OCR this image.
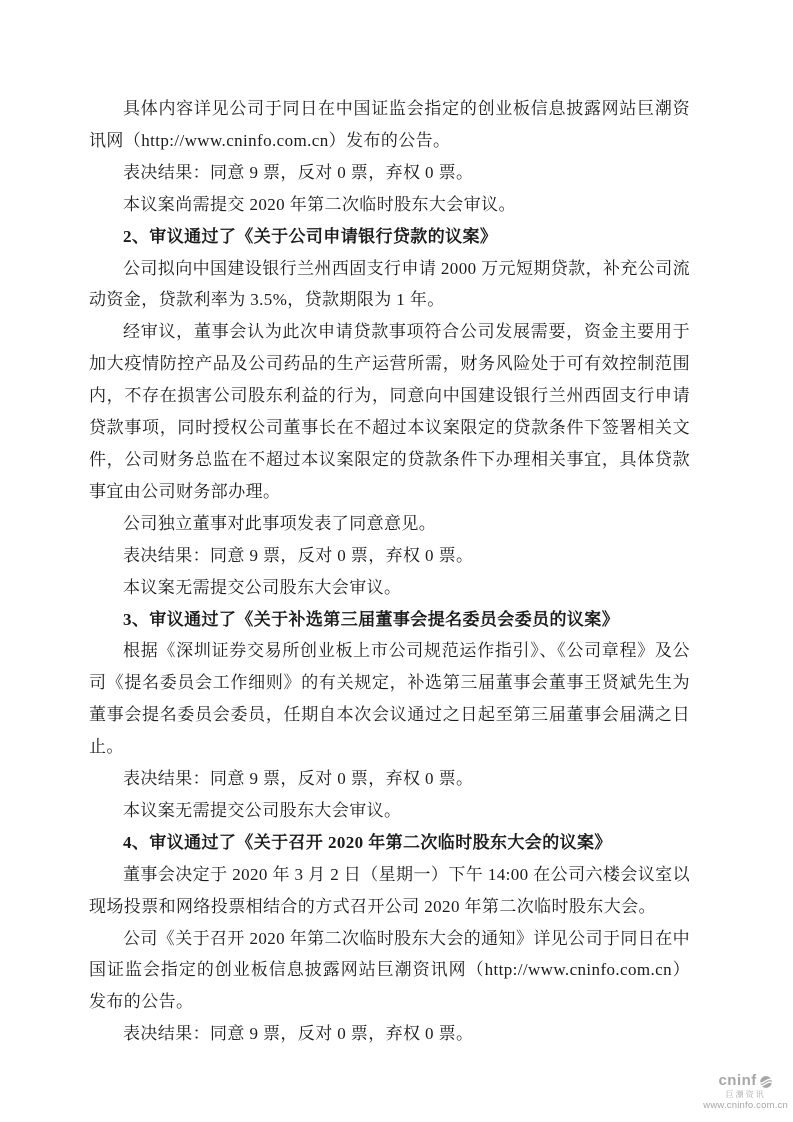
具体内容详见公司于同日在中国证监会指定的创业板信息披露网站巨潮资讯网（http://www.cninfo.com.cn）发布的公告。

表决结果：同意 9 票，反对 0 票，弃权 0 票。

本议案尚需提交 2020 年第二次临时股东大会审议。

2、审议通过了《关于公司申请银行贷款的议案》

公司拟向中国建设银行兰州西固支行申请 2000 万元短期贷款，补充公司流动资金，贷款利率为 3.5%，贷款期限为 1 年。

经审议，董事会认为此次申请贷款事项符合公司发展需要，资金主要用于加大疫情防控产品及公司药品的生产运营所需，财务风险处于可有效控制范围内，不存在损害公司股东利益的行为，同意向中国建设银行兰州西固支行申请贷款事项，同时授权公司董事长在不超过本议案限定的贷款条件下签署相关文件，公司财务总监在不超过本议案限定的贷款条件下办理相关事宜，具体贷款事宜由公司财务部办理。

公司独立董事对此事项发表了同意意见。

表决结果：同意 9 票，反对 0 票，弃权 0 票。

本议案无需提交公司股东大会审议。

3、审议通过了《关于补选第三届董事会提名委员会委员的议案》

根据《深圳证券交易所创业板上市公司规范运作指引》、《公司章程》及公司《提名委员会工作细则》的有关规定，补选第三届董事会董事王贤斌先生为董事会提名委员会委员，任期自本次会议通过之日起至第三届董事会届满之日止。

表决结果：同意 9 票，反对 0 票，弃权 0 票。

本议案无需提交公司股东大会审议。

4、审议通过了《关于召开 2020 年第二次临时股东大会的议案》

董事会决定于 2020 年 3 月 2 日（星期一）下午 14:00 在公司六楼会议室以现场投票和网络投票相结合的方式召开公司 2020 年第二次临时股东大会。

公司《关于召开 2020 年第二次临时股东大会的通知》详见公司于同日在中国证监会指定的创业板信息披露网站巨潮资讯网（http://www.cninfo.com.cn）发布的公告。

表决结果：同意 9 票，反对 0 票，弃权 0 票。

cninf
巨潮资讯
www.cninfo.com.cn
